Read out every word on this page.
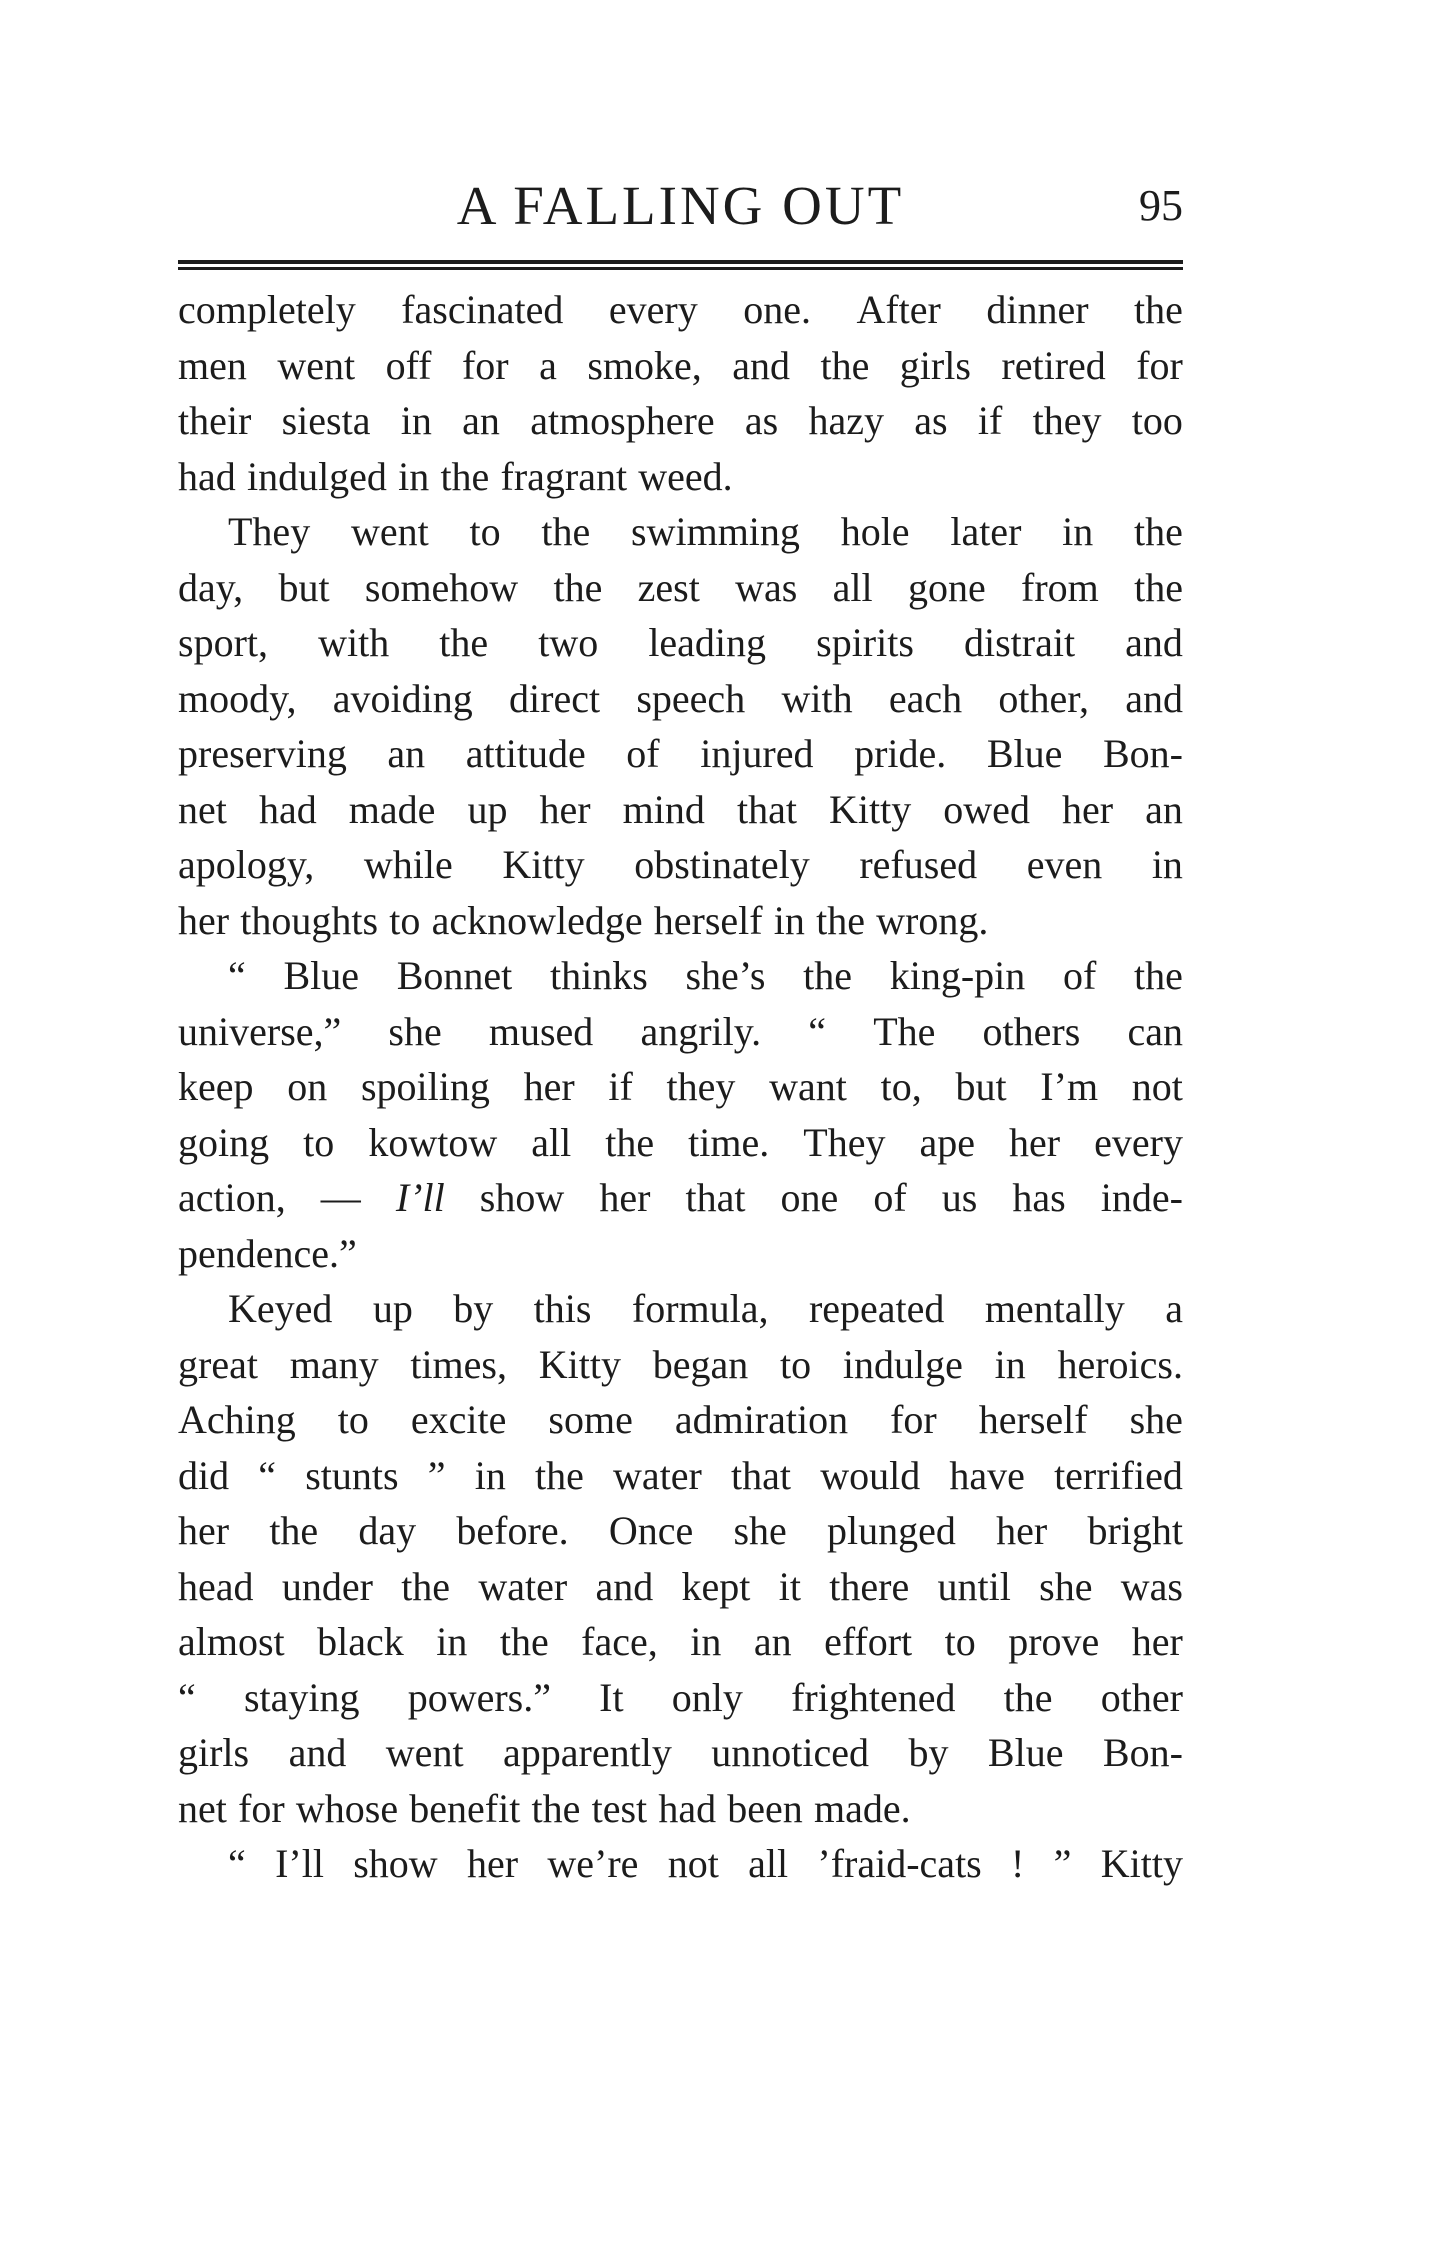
A FALLING OUT	95
completely fascinated every one. After dinner the
men went off for a smoke, and the girls retired for
their siesta in an atmosphere as hazy as if they too
had indulged in the fragrant weed.
They went to the swimming hole later in the
day, but somehow the zest was all gone from the
sport, with the two leading spirits distrait and
moody, avoiding direct speech with each other, and
preserving an attitude of injured pride. Blue Bon-
net had made up her mind that Kitty owed her an
apology, while Kitty obstinately refused even in
her thoughts to acknowledge herself in the wrong.
“ Blue Bonnet thinks she’s the king-pin of the
universe,” she mused angrily. “ The others can
keep on spoiling her if they want to, but I’m not
going to kowtow all the time. They ape her every
action, — I’ll show her that one of us has inde-
pendence.”
Keyed up by this formula, repeated mentally a
great many times, Kitty began to indulge in heroics.
Aching to excite some admiration for herself she
did “ stunts ” in the water that would have terrified
her the day before. Once she plunged her bright
head under the water and kept it there until she was
almost black in the face, in an effort to prove her
“ staying powers.” It only frightened the other
girls and went apparently unnoticed by Blue Bon-
net for whose benefit the test had been made.
“ I’ll show her we’re not all ’fraid-cats ! ” Kitty
